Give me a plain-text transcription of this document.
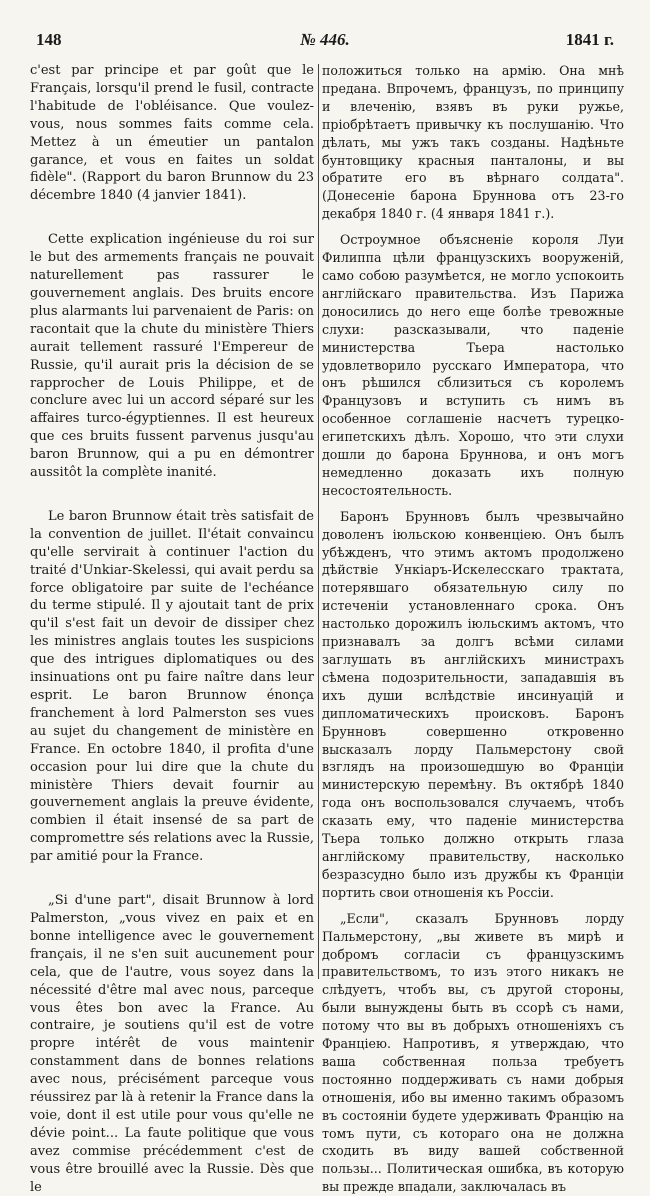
148	№ 446.	1841 г.

c'est par principe et par goût que le Français, lorsqu'il prend le fusil, contracte l'habitude de l'obléisance. Que voulez-vous, nous sommes faits comme cela. Mettez à un émeutier un pantalon garance, et vous en faites un soldat fidèle". (Rapport du baron Brunnow du 23 décembre 1840 (4 janvier 1841).

Cette explication ingénieuse du roi sur le but des armements français ne pouvait naturellement pas rassurer le gouvernement anglais. Des bruits encore plus alarmants lui parvenaient de Paris: on racontait que la chute du ministère Thiers aurait tellement rassuré l'Empereur de Russie, qu'il aurait pris la décision de se rapprocher de Louis Philippe, et de conclure avec lui un accord séparé sur les affaires turco-égyptiennes. Il est heureux que ces bruits fussent parvenus jusqu'au baron Brunnow, qui a pu en démontrer aussitôt la complète inanité.

Le baron Brunnow était très satisfait de la convention de juillet. Il'était convaincu qu'elle servirait à continuer l'action du traité d'Unkiar-Skelessi, qui avait perdu sa force obligatoire par suite de l'echéance du terme stipulé. Il y ajoutait tant de prix qu'il s'est fait un devoir de dissiper chez les ministres anglais toutes les suspicions que des intrigues diplomatiques ou des insinuations ont pu faire naître dans leur esprit. Le baron Brunnow énonça franchement à lord Palmerston ses vues au sujet du changement de ministère en France. En octobre 1840, il profita d'une occasion pour lui dire que la chute du ministère Thiers devait fournir au gouvernement anglais la preuve évidente, combien il était insensé de sa part de compromettre sés relations avec la Russie, par amitié pour la France.

„Si d'une part", disait Brunnow à lord Palmerston, „vous vivez en paix et en bonne intelligence avec le gouvernement français, il ne s'en suit aucunement pour cela, que de l'autre, vous soyez dans la nécessité d'être mal avec nous, parceque vous êtes bon avec la France. Au contraire, je soutiens qu'il est de votre propre intérêt de vous maintenir constamment dans de bonnes relations avec nous, précisément parceque vous réussirez par là à retenir la France dans la voie, dont il est utile pour vous qu'elle ne dévie point... La faute politique que vous avez commise précédemment c'est de vous être brouillé avec la Russie. Dès que le

положиться только на армiю. Она мнѣ предана. Впрочемъ, французъ, по принципу и влеченiю, взявъ въ руки ружье, прiобрѣтаетъ привычку къ послушанiю. Что дѣлать, мы ужъ такъ созданы. Надѣньте бунтовщику красныя панталоны, и вы обратите его въ вѣрнаго солдата". (Донесенiе барона Бруннова отъ 23-го декабря 1840 г. (4 января 1841 г.).

Остроумное объясненiе короля Луи Филиппа цѣли французскихъ вооруженiй, само собою разумѣется, не могло успокоить англiйскаго правительства. Изъ Парижа доносились до него еще болѣе тревожные слухи: разсказывали, что паденiе министерства Тьера настолько удовлетворило русскаго Императора, что онъ рѣшился сблизиться съ королемъ Французовъ и вступить съ нимъ въ особенное соглашенiе насчетъ турецко-египетскихъ дѣлъ. Хорошо, что эти слухи дошли до барона Бруннова, и онъ могъ немедленно доказать ихъ полную несостоятельность.

Баронъ Брунновъ былъ чрезвычайно доволенъ iюльскою конвенцiею. Онъ былъ убѣжденъ, что этимъ актомъ продолжено дѣйствiе Ункiаръ-Искелесскаго трактата, потерявшаго обязательную силу по истеченiи установленнаго срока. Онъ настолько дорожилъ iюльскимъ актомъ, что признавалъ за долгъ всѣми силами заглушать въ англiйскихъ министрахъ сѣмена подозрительности, западавшiя въ ихъ души вслѣдствiе инсинуацiй и дипломатическихъ происковъ. Баронъ Брунновъ совершенно откровенно высказалъ лорду Пальмерстону свой взглядъ на произошедшую во Францiи министерскую перемѣну. Въ октябрѣ 1840 года онъ воспользовался случаемъ, чтобъ сказать ему, что паденiе министерства Тьера только должно открыть глаза англiйскому правительству, насколько безразсудно было изъ дружбы къ Францiи портить свои отношенiя къ Россiи.

„Если", сказалъ Брунновъ лорду Пальмерстону, „вы живете въ мирѣ и добромъ согласiи съ французскимъ правительствомъ, то изъ этого никакъ не слѣдуетъ, чтобъ вы, съ другой стороны, были вынуждены быть въ ссорѣ съ нами, потому что вы въ добрыхъ отношенiяхъ съ Францiею. Напротивъ, я утверждаю, что ваша собственная польза требуетъ постоянно поддерживать съ нами добрыя отношенiя, ибо вы именно такимъ образомъ въ состоянiи будете удерживать Францiю на томъ пути, съ котораго она не должна сходить въ виду вашей собственной пользы... Политическая ошибка, въ которую вы прежде впадали, заключалась въ
